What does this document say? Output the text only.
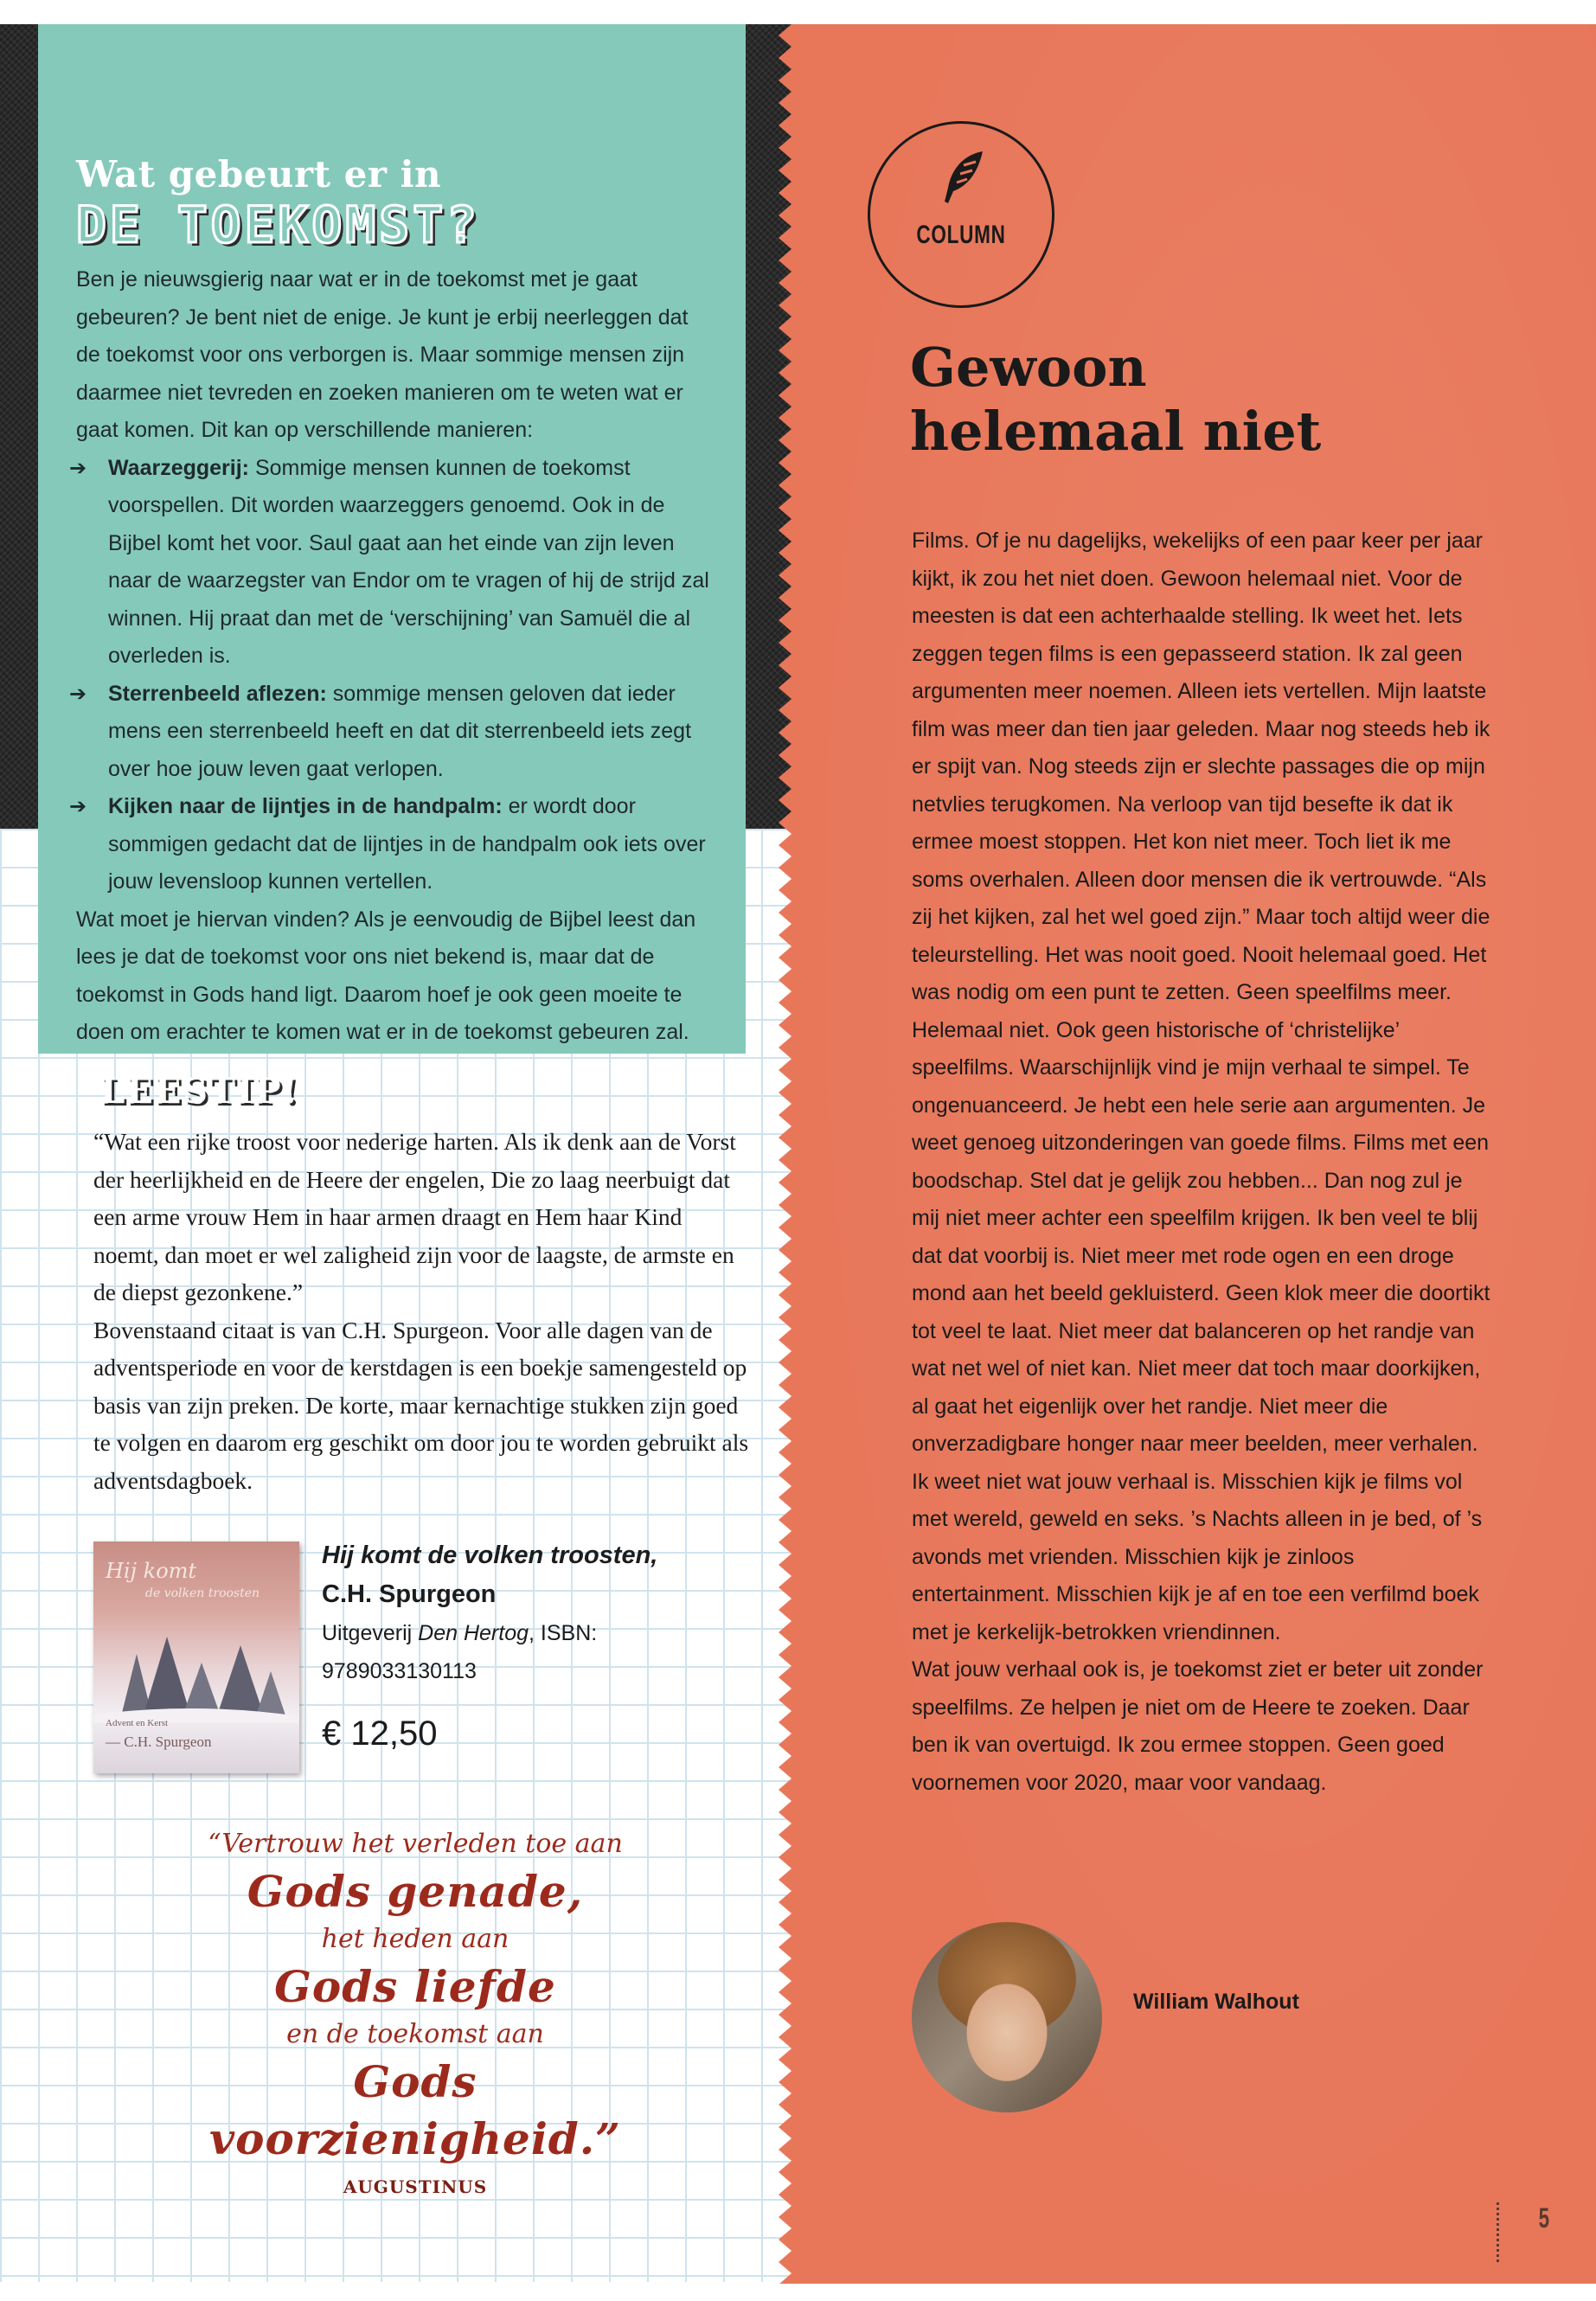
Wat gebeurt er in
DE TOEKOMST?

Ben je nieuwsgierig naar wat er in de toekomst met je gaat gebeuren? Je bent niet de enige. Je kunt je erbij neerleggen dat de toekomst voor ons verborgen is. Maar sommige mensen zijn daarmee niet tevreden en zoeken manieren om te weten wat er gaat komen. Dit kan op verschillende manieren:

➔ Waarzeggerij: Sommige mensen kunnen de toekomst voorspellen. Dit worden waarzeggers genoemd. Ook in de Bijbel komt het voor. Saul gaat aan het einde van zijn leven naar de waarzegster van Endor om te vragen of hij de strijd zal winnen. Hij praat dan met de ‘verschijning’ van Samuël die al overleden is.

➔ Sterrenbeeld aflezen: sommige mensen geloven dat ieder mens een sterrenbeeld heeft en dat dit sterrenbeeld iets zegt over hoe jouw leven gaat verlopen.

➔ Kijken naar de lijntjes in de handpalm: er wordt door sommigen gedacht dat de lijntjes in de handpalm ook iets over jouw levensloop kunnen vertellen.

Wat moet je hiervan vinden? Als je eenvoudig de Bijbel leest dan lees je dat de toekomst voor ons niet bekend is, maar dat de toekomst in Gods hand ligt. Daarom hoef je ook geen moeite te doen om erachter te komen wat er in de toekomst gebeuren zal.

LEESTIP!

“Wat een rijke troost voor nederige harten. Als ik denk aan de Vorst der heerlijkheid en de Heere der engelen, Die zo laag neerbuigt dat een arme vrouw Hem in haar armen draagt en Hem haar Kind noemt, dan moet er wel zaligheid zijn voor de laagste, de armste en de diepst gezonkene.”

Bovenstaand citaat is van C.H. Spurgeon. Voor alle dagen van de adventsperiode en voor de kerstdagen is een boekje samengesteld op basis van zijn preken. De korte, maar kernachtige stukken zijn goed te volgen en daarom erg geschikt om door jou te worden gebruikt als adventsdagboek.

Hij komt
de volken troosten
Advent en Kerst
— C.H. Spurgeon
Hij komt de volken troosten,
C.H. Spurgeon
Uitgeverij Den Hertog, ISBN: 9789033130113
€ 12,50
“Vertrouw het verleden toe aan
Gods genade,
het heden aan
Gods liefde
en de toekomst aan
Gods voorzienigheid.”
AUGUSTINUS
COLUMN
Gewoon
helemaal niet

Films. Of je nu dagelijks, wekelijks of een paar keer per jaar kijkt, ik zou het niet doen. Gewoon helemaal niet. Voor de meesten is dat een achterhaalde stelling. Ik weet het. Iets zeggen tegen films is een gepasseerd station. Ik zal geen argumenten meer noemen. Alleen iets vertellen. Mijn laatste film was meer dan tien jaar geleden. Maar nog steeds heb ik er spijt van. Nog steeds zijn er slechte passages die op mijn netvlies terugkomen. Na verloop van tijd besefte ik dat ik ermee moest stoppen. Het kon niet meer. Toch liet ik me soms overhalen. Alleen door mensen die ik vertrouwde. “Als zij het kijken, zal het wel goed zijn.” Maar toch altijd weer die teleurstelling. Het was nooit goed. Nooit helemaal goed. Het was nodig om een punt te zetten. Geen speelfilms meer. Helemaal niet. Ook geen historische of ‘christelijke’ speelfilms. Waarschijnlijk vind je mijn verhaal te simpel. Te ongenuanceerd. Je hebt een hele serie aan argumenten. Je weet genoeg uitzonderingen van goede films. Films met een boodschap. Stel dat je gelijk zou hebben... Dan nog zul je mij niet meer achter een speelfilm krijgen. Ik ben veel te blij dat dat voorbij is. Niet meer met rode ogen en een droge mond aan het beeld gekluisterd. Geen klok meer die doortikt tot veel te laat. Niet meer dat balanceren op het randje van wat net wel of niet kan. Niet meer dat toch maar doorkijken, al gaat het eigenlijk over het randje. Niet meer die onverzadigbare honger naar meer beelden, meer verhalen.

Ik weet niet wat jouw verhaal is. Misschien kijk je films vol met wereld, geweld en seks. ’s Nachts alleen in je bed, of ’s avonds met vrienden. Misschien kijk je zinloos entertainment. Misschien kijk je af en toe een verfilmd boek met je kerkelijk-betrokken vriendinnen.

Wat jouw verhaal ook is, je toekomst ziet er beter uit zonder speelfilms. Ze helpen je niet om de Heere te zoeken. Daar ben ik van overtuigd. Ik zou ermee stoppen. Geen goed voornemen voor 2020, maar voor vandaag.

William Walhout
5
